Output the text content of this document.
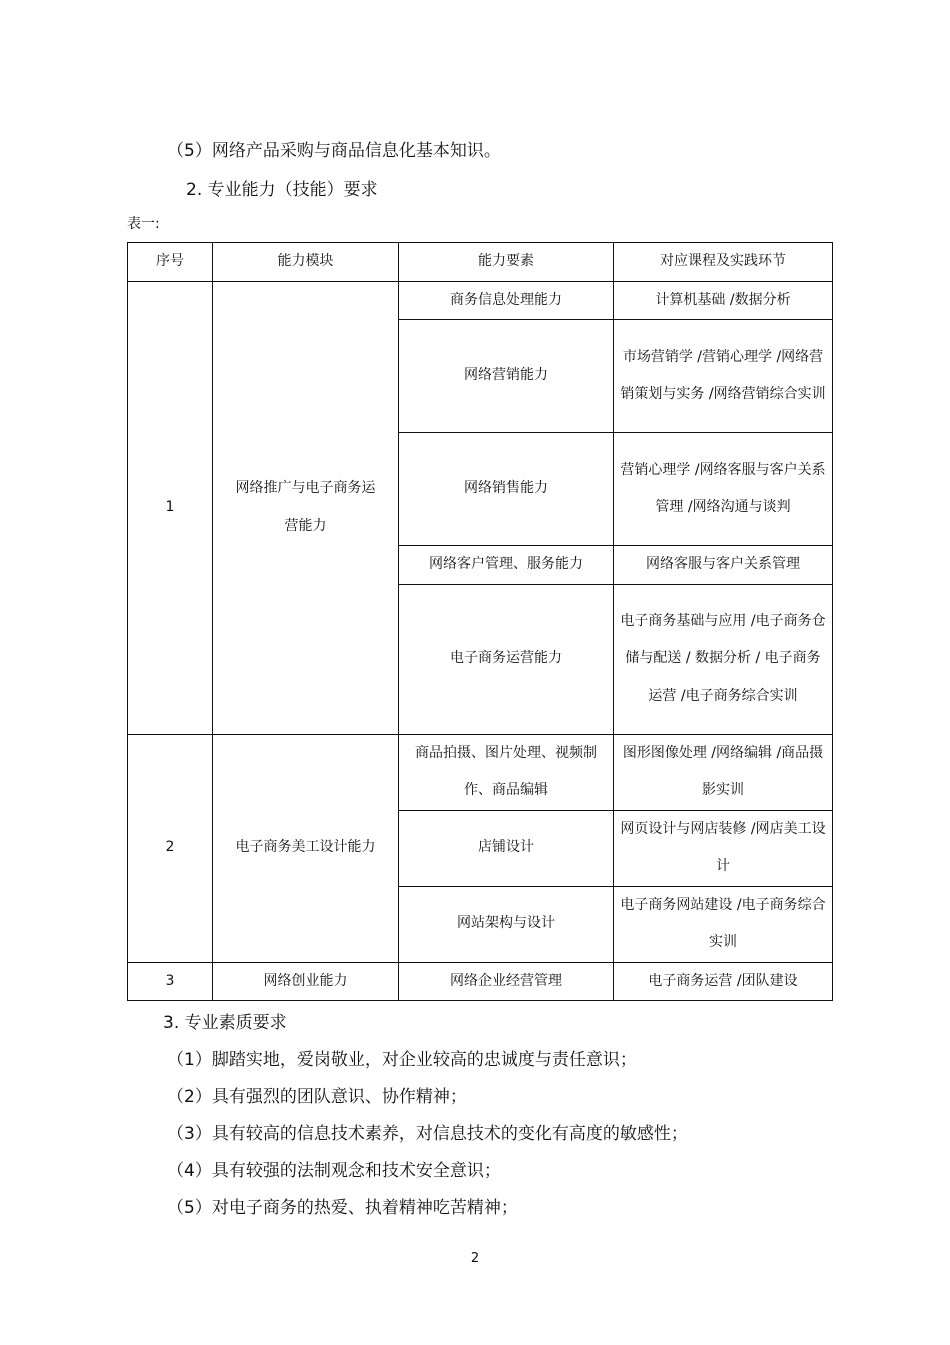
（5）网络产品采购与商品信息化基本知识。
2. 专业能力（技能）要求
表一:
序号	能力模块	能力要素	对应课程及实践环节
1	网络推广与电子商务运营能力	商务信息处理能力	计算机基础 /数据分析
		网络营销能力	市场营销学 /营销心理学 /网络营销策划与实务 /网络营销综合实训
		网络销售能力	营销心理学 /网络客服与客户关系管理 /网络沟通与谈判
		网络客户管理、服务能力	网络客服与客户关系管理
		电子商务运营能力	电子商务基础与应用 /电子商务仓储与配送 / 数据分析 / 电子商务运营 /电子商务综合实训
2	电子商务美工设计能力	商品拍摄、图片处理、视频制作、商品编辑	图形图像处理 /网络编辑 /商品摄影实训
		店铺设计	网页设计与网店装修 /网店美工设计
		网站架构与设计	电子商务网站建设 /电子商务综合实训
3	网络创业能力	网络企业经营管理	电子商务运营 /团队建设
3. 专业素质要求
（1）脚踏实地，爱岗敬业，对企业较高的忠诚度与责任意识；
（2）具有强烈的团队意识、协作精神；
（3）具有较高的信息技术素养，对信息技术的变化有高度的敏感性；
（4）具有较强的法制观念和技术安全意识；
（5）对电子商务的热爱、执着精神吃苦精神；
2
